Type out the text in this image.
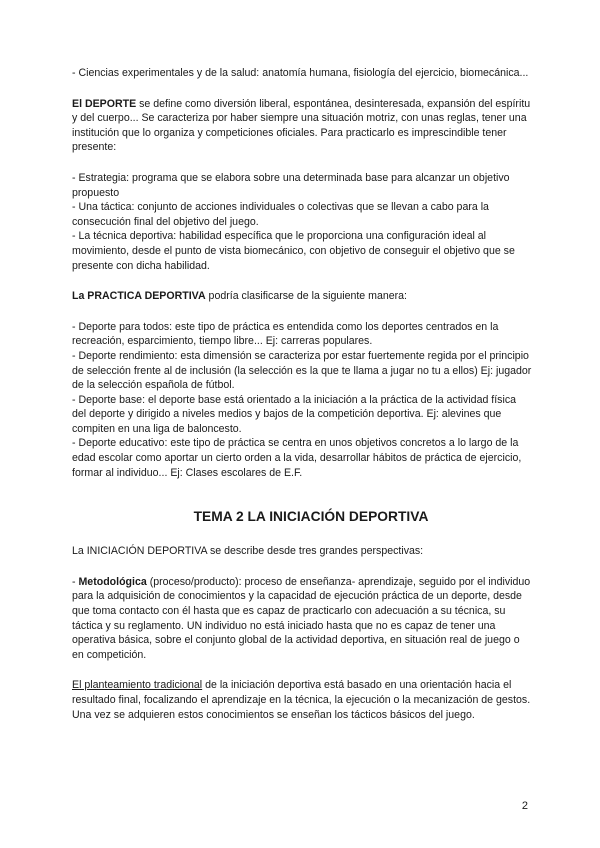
- Ciencias experimentales y de la salud: anatomía humana, fisiología del ejercicio, biomecánica...

El DEPORTE se define como diversión liberal, espontánea, desinteresada, expansión del espíritu y del cuerpo... Se caracteriza por haber siempre una situación motriz, con unas reglas, tener una institución que lo organiza y competiciones oficiales. Para practicarlo es imprescindible tener presente:

- Estrategia: programa que se elabora sobre una determinada base para alcanzar un objetivo propuesto

- Una táctica: conjunto de acciones individuales o colectivas que se llevan a cabo para la consecución final del objetivo del juego.

- La técnica deportiva: habilidad específica que le proporciona una configuración ideal al movimiento, desde el punto de vista biomecánico, con objetivo de conseguir el objetivo que se presente con dicha habilidad.

La PRACTICA DEPORTIVA podría clasificarse de la siguiente manera:

- Deporte para todos: este tipo de práctica es entendida como los deportes centrados en la recreación, esparcimiento, tiempo libre... Ej: carreras populares.

- Deporte rendimiento: esta dimensión se caracteriza por estar fuertemente regida por el principio de selección frente al de inclusión (la selección es la que te llama a jugar no tu a ellos) Ej: jugador de la selección española de fútbol.

- Deporte base: el deporte base está orientado a la iniciación a la práctica de la actividad física del deporte y dirigido a niveles medios y bajos de la competición deportiva. Ej: alevines que compiten en una liga de baloncesto.

- Deporte educativo: este tipo de práctica se centra en unos objetivos concretos a lo largo de la edad escolar como aportar un cierto orden a la vida, desarrollar hábitos de práctica de ejercicio, formar al individuo... Ej: Clases escolares de E.F.

TEMA 2 LA INICIACIÓN DEPORTIVA

La INICIACIÓN DEPORTIVA se describe desde tres grandes perspectivas:

- Metodológica (proceso/producto): proceso de enseñanza- aprendizaje, seguido por el individuo para la adquisición de conocimientos y la capacidad de ejecución práctica de un deporte, desde que toma contacto con él hasta que es capaz de practicarlo con adecuación a su técnica, su táctica y su reglamento. UN individuo no está iniciado hasta que no es capaz de tener una operativa básica, sobre el conjunto global de la actividad deportiva, en situación real de juego o en competición.

El planteamiento tradicional de la iniciación deportiva está basado en una orientación hacia el resultado final, focalizando el aprendizaje en la técnica, la ejecución o la mecanización de gestos. Una vez se adquieren estos conocimientos se enseñan los tácticos básicos del juego.

2
